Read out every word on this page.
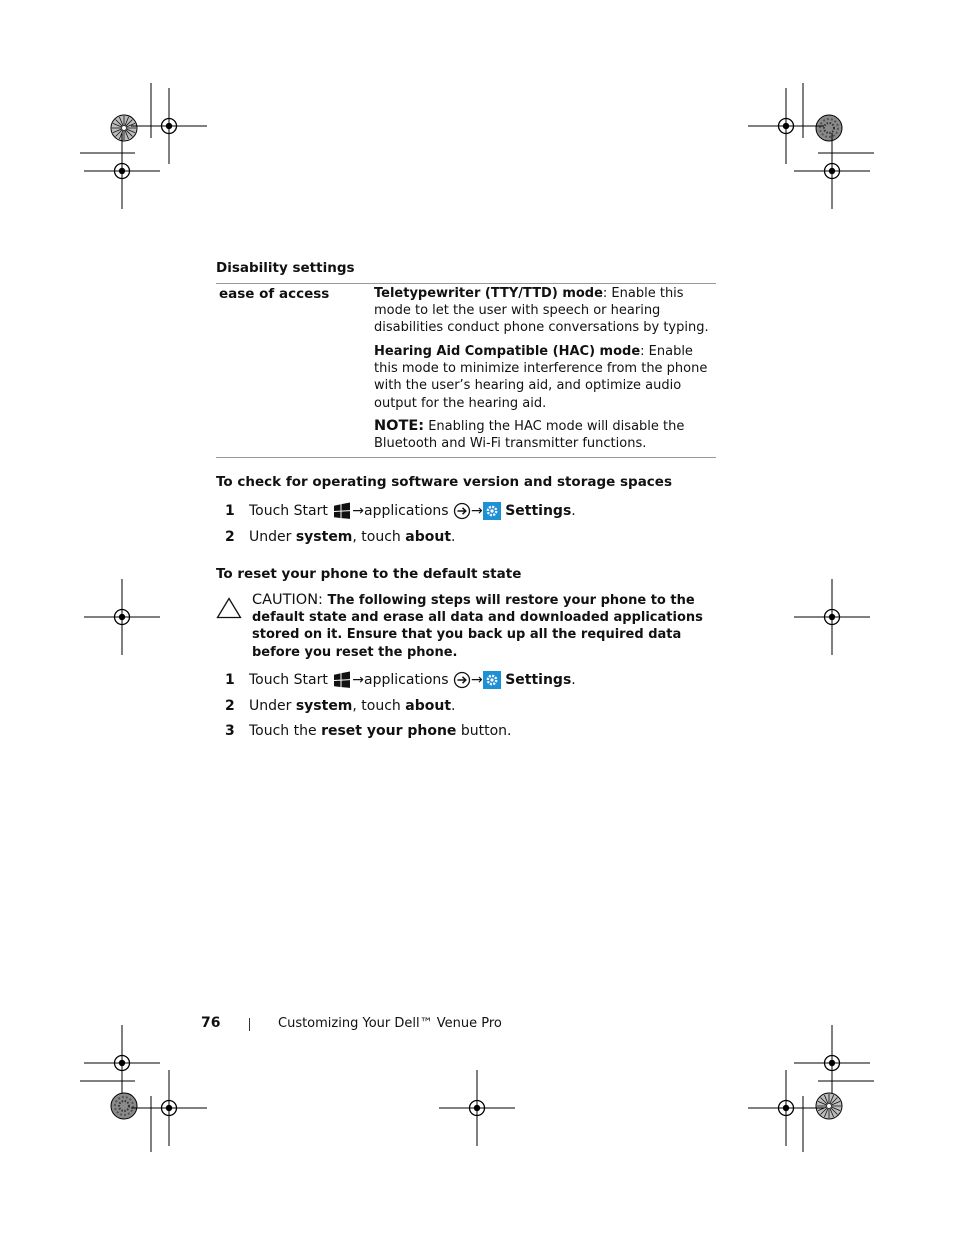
Disability settings
ease of access	Teletypewriter (TTY/TTD) mode: Enable this mode to let the user with speech or hearing disabilities conduct phone conversations by typing.
Hearing Aid Compatible (HAC) mode: Enable this mode to minimize interference from the phone with the user’s hearing aid, and optimize audio output for the hearing aid.
NOTE: Enabling the HAC mode will disable the Bluetooth and Wi-Fi transmitter functions.
To check for operating software version and storage spaces
1	Touch Start →applications → Settings.
2	Under system, touch about.
To reset your phone to the default state
CAUTION: The following steps will restore your phone to the default state and erase all data and downloaded applications stored on it. Ensure that you back up all the required data before you reset the phone.
1	Touch Start →applications → Settings.
2	Under system, touch about.
3	Touch the reset your phone button.
76	Customizing Your Dell™ Venue Pro
